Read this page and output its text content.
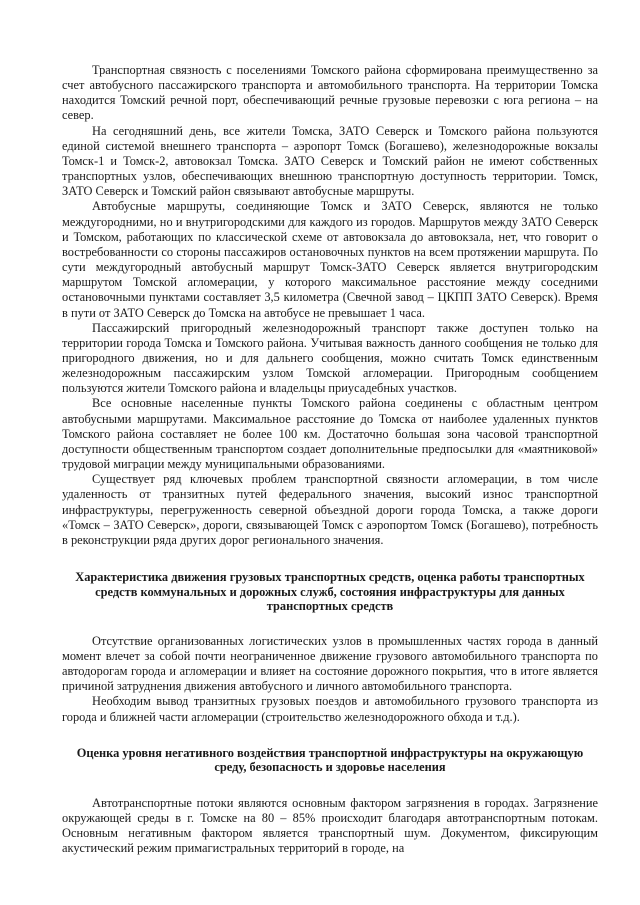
Транспортная связность с поселениями Томского района сформирована преимущественно за счет автобусного пассажирского транспорта и автомобильного транспорта. На территории Томска находится Томский речной порт, обеспечивающий речные грузовые перевозки с юга региона – на север.

На сегодняшний день, все жители Томска, ЗАТО Северск и Томского района пользуются единой системой внешнего транспорта – аэропорт Томск (Богашево), железнодорожные вокзалы Томск-1 и Томск-2, автовокзал Томска. ЗАТО Северск и Томский район не имеют собственных транспортных узлов, обеспечивающих внешнюю транспортную доступность территории. Томск, ЗАТО Северск и Томский район связывают автобусные маршруты.

Автобусные маршруты, соединяющие Томск и ЗАТО Северск, являются не только междугородними, но и внутригородскими для каждого из городов. Маршрутов между ЗАТО Северск и Томском, работающих по классической схеме от автовокзала до автовокзала, нет, что говорит о востребованности со стороны пассажиров остановочных пунктов на всем протяжении маршрута. По сути междугородный автобусный маршрут Томск-ЗАТО Северск является внутригородским маршрутом Томской агломерации, у которого максимальное расстояние между соседними остановочными пунктами составляет 3,5 километра (Свечной завод – ЦКПП ЗАТО Северск). Время в пути от ЗАТО Северск до Томска на автобусе не превышает 1 часа.

Пассажирский пригородный железнодорожный транспорт также доступен только на территории города Томска и Томского района. Учитывая важность данного сообщения не только для пригородного движения, но и для дальнего сообщения, можно считать Томск единственным железнодорожным пассажирским узлом Томской агломерации. Пригородным сообщением пользуются жители Томского района и владельцы приусадебных участков.

Все основные населенные пункты Томского района соединены с областным центром автобусными маршрутами. Максимальное расстояние до Томска от наиболее удаленных пунктов Томского района составляет не более 100 км. Достаточно большая зона часовой транспортной доступности общественным транспортом создает дополнительные предпосылки для «маятниковой» трудовой миграции между муниципальными образованиями.

Существует ряд ключевых проблем транспортной связности агломерации, в том числе удаленность от транзитных путей федерального значения, высокий износ транспортной инфраструктуры, перегруженность северной объездной дороги города Томска, а также дороги «Томск – ЗАТО Северск», дороги, связывающей Томск с аэропортом Томск (Богашево), потребность в реконструкции ряда других дорог регионального значения.

Характеристика движения грузовых транспортных средств, оценка работы транспортных средств коммунальных и дорожных служб, состояния инфраструктуры для данных транспортных средств

Отсутствие организованных логистических узлов в промышленных частях города в данный момент влечет за собой почти неограниченное движение грузового автомобильного транспорта по автодорогам города и агломерации и влияет на состояние дорожного покрытия, что в итоге является причиной затруднения движения автобусного и личного автомобильного транспорта.

Необходим вывод транзитных грузовых поездов и автомобильного грузового транспорта из города и ближней части агломерации (строительство железнодорожного обхода и т.д.).

Оценка уровня негативного воздействия транспортной инфраструктуры на окружающую среду, безопасность и здоровье населения

Автотранспортные потоки являются основным фактором загрязнения в городах. Загрязнение окружающей среды в г. Томске на 80 – 85% происходит благодаря автотранспортным потокам. Основным негативным фактором является транспортный шум. Документом, фиксирующим акустический режим примагистральных территорий в городе, на
